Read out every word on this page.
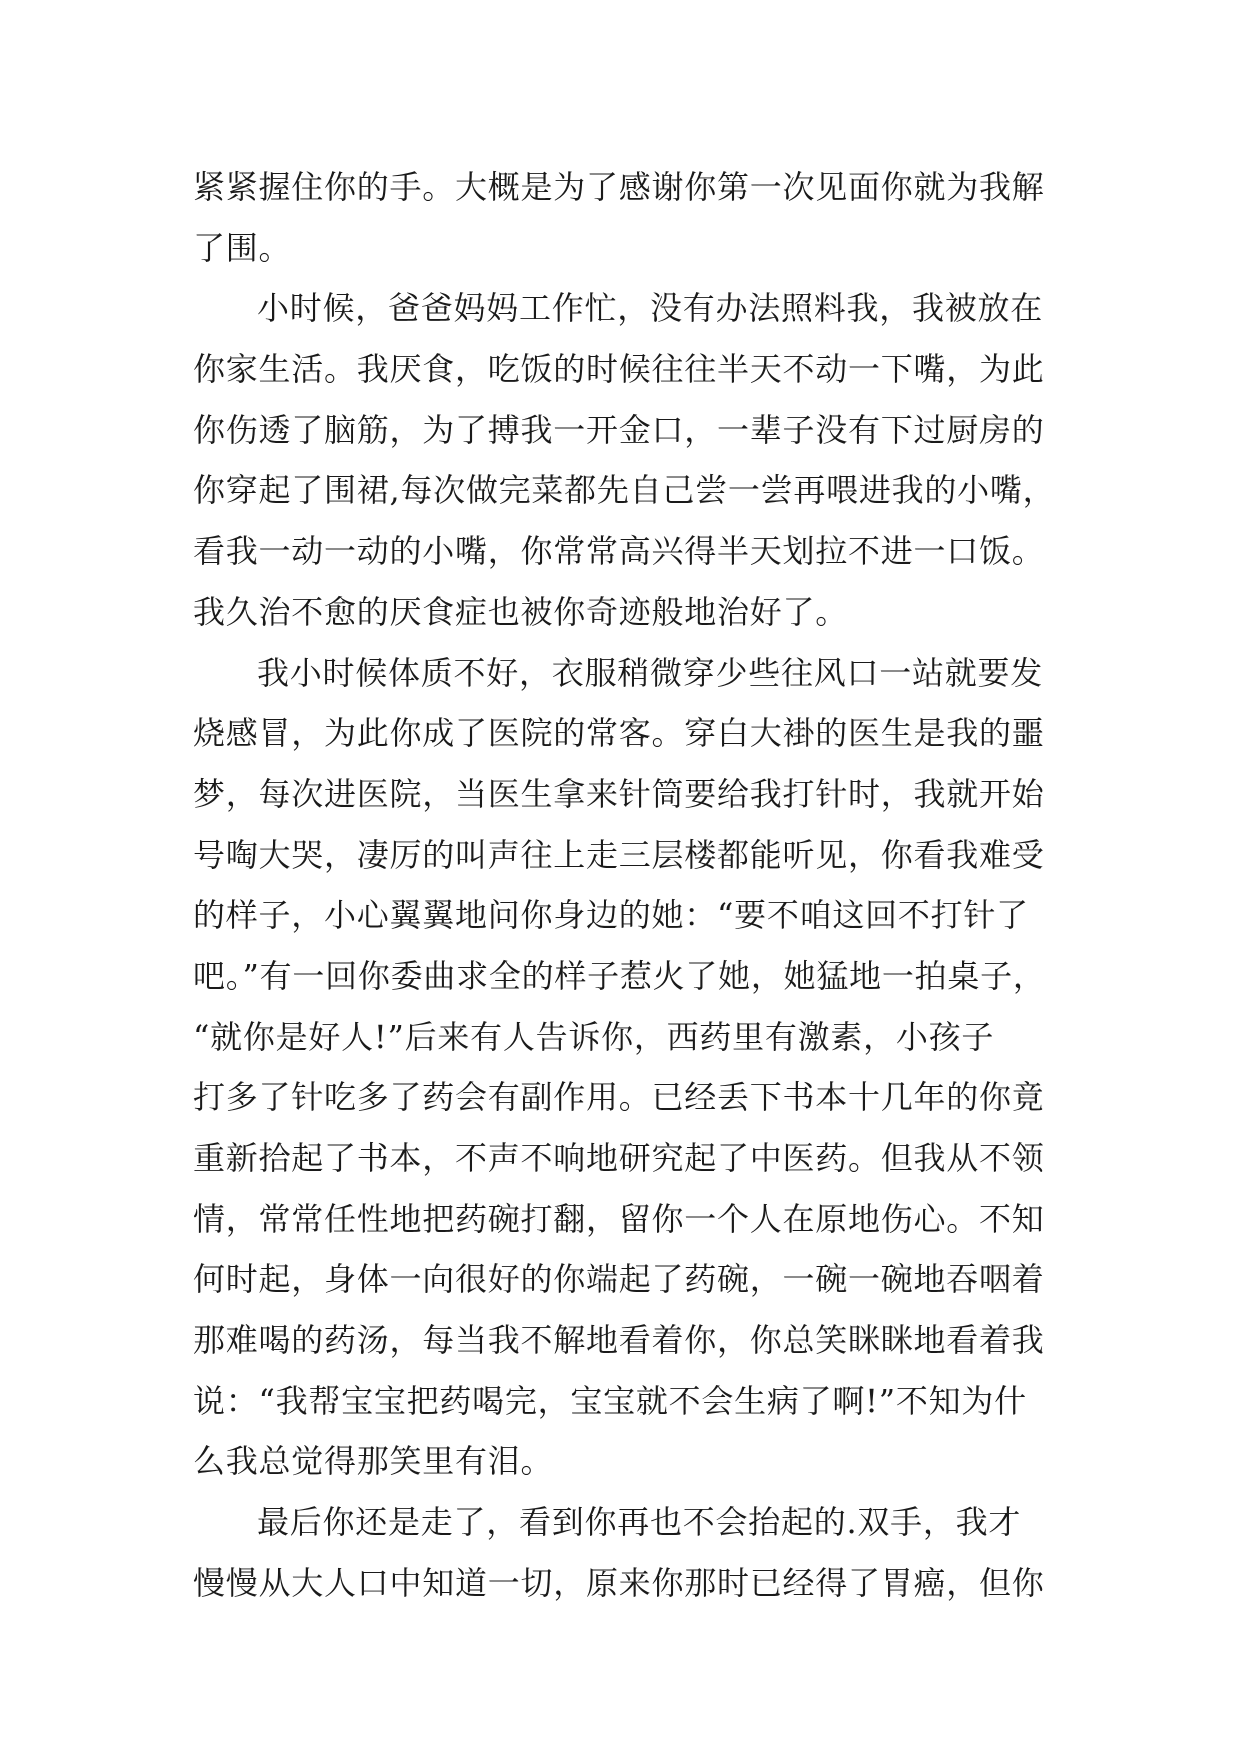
紧紧握住你的手。大概是为了感谢你第一次见面你就为我解
了围。
小时候，爸爸妈妈工作忙，没有办法照料我，我被放在
你家生活。我厌食，吃饭的时候往往半天不动一下嘴，为此
你伤透了脑筋，为了搏我一开金口，一辈子没有下过厨房的
你穿起了围裙,每次做完菜都先自己尝一尝再喂进我的小嘴，
看我一动一动的小嘴，你常常高兴得半天划拉不进一口饭。
我久治不愈的厌食症也被你奇迹般地治好了。
我小时候体质不好，衣服稍微穿少些往风口一站就要发
烧感冒，为此你成了医院的常客。穿白大褂的医生是我的噩
梦，每次进医院，当医生拿来针筒要给我打针时，我就开始
号啕大哭，凄厉的叫声往上走三层楼都能听见，你看我难受
的样子，小心翼翼地问你身边的她：“要不咱这回不打针了
吧。”有一回你委曲求全的样子惹火了她，她猛地一拍桌子，
“就你是好人!”后来有人告诉你，西药里有激素，小孩子
打多了针吃多了药会有副作用。已经丢下书本十几年的你竟
重新拾起了书本，不声不响地研究起了中医药。但我从不领
情，常常任性地把药碗打翻，留你一个人在原地伤心。不知
何时起，身体一向很好的你端起了药碗，一碗一碗地吞咽着
那难喝的药汤，每当我不解地看着你，你总笑眯眯地看着我
说：“我帮宝宝把药喝完，宝宝就不会生病了啊!”不知为什
么我总觉得那笑里有泪。
最后你还是走了，看到你再也不会抬起的.双手，我才
慢慢从大人口中知道一切，原来你那时已经得了胃癌，但你
